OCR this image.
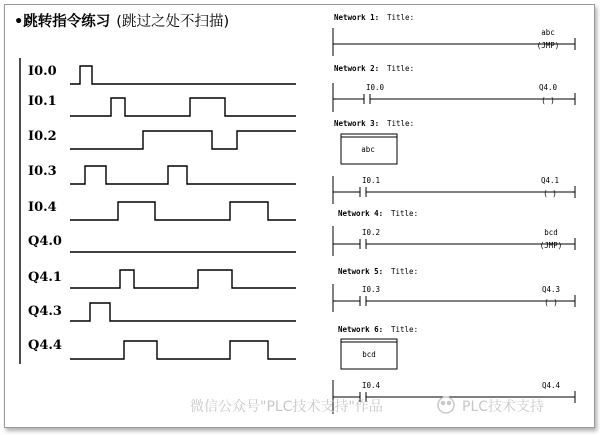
•跳转指令练习 (跳过之处不扫描)
I0.0
I0.1
I0.2
I0.3
I0.4
Q4.0
Q4.1
Q4.3
Q4.4
Network 1: Title:
abc
(JMP)
Network 2: Title:
I0.0	Q4.0
( )
Network 3: Title:
abc
I0.1	Q4.1
( )
Network 4: Title:
I0.2	bcd
(JMP)
Network 5: Title:
I0.3	Q4.3
( )
Network 6: Title:
bcd
I0.4	Q4.4
微信公众号"PLC技术支持"作品	PLC技术支持
